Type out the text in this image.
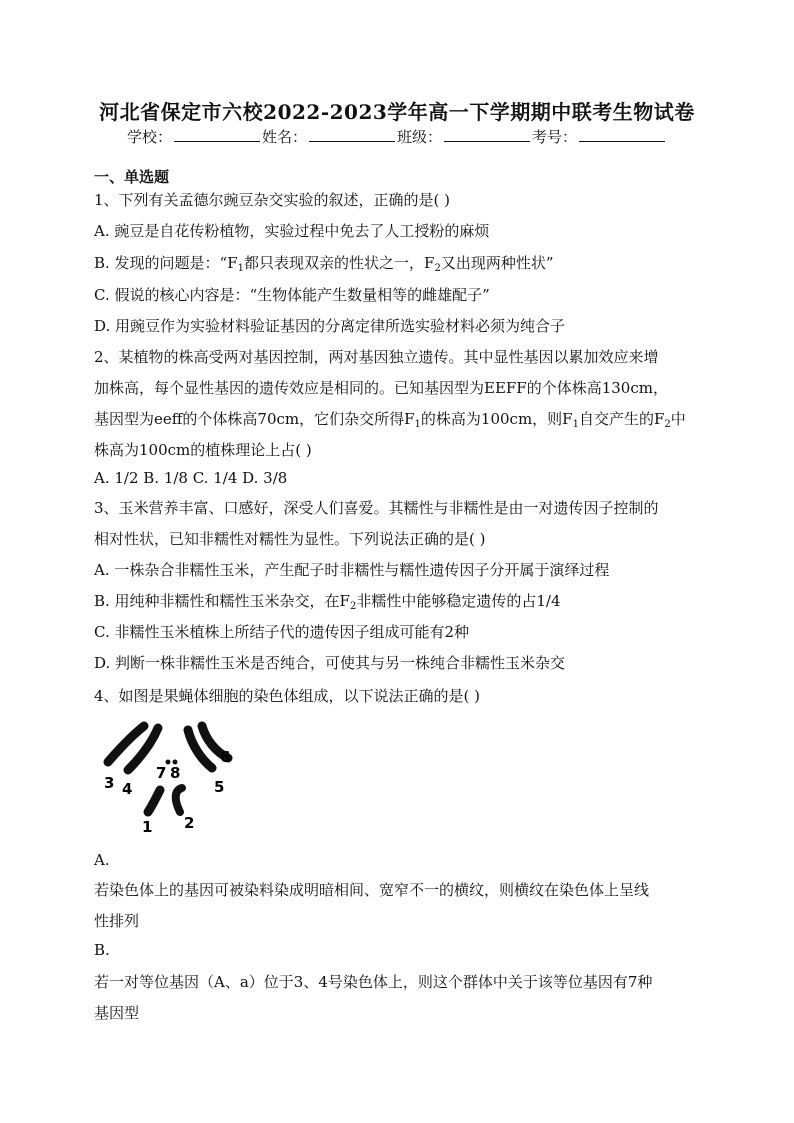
河北省保定市六校2022-2023学年高一下学期期中联考生物试卷
学校：	姓名：	班级：	考号：
一、单选题
1、下列有关孟德尔豌豆杂交实验的叙述，正确的是( )
A. 豌豆是自花传粉植物，实验过程中免去了人工授粉的麻烦
B. 发现的问题是：“$F_1$都只表现双亲的性状之一，$F_2$又出现两种性状”
C. 假说的核心内容是：“生物体能产生数量相等的雌雄配子”
D. 用豌豆作为实验材料验证基因的分离定律所选实验材料必须为纯合子
2、某植物的株高受两对基因控制，两对基因独立遗传。其中显性基因以累加效应来增
加株高，每个显性基因的遗传效应是相同的。已知基因型为EEFF的个体株高130cm，
基因型为eeff的个体株高70cm，它们杂交所得$F_1$的株高为100cm，则$F_1$自交产生的$F_2$中
株高为100cm的植株理论上占( )
A. 1/2 B. 1/8 C. 1/4 D. 3/8
3、玉米营养丰富、口感好，深受人们喜爱。其糯性与非糯性是由一对遗传因子控制的
相对性状，已知非糯性对糯性为显性。下列说法正确的是( )
A. 一株杂合非糯性玉米，产生配子时非糯性与糯性遗传因子分开属于演绎过程
B. 用纯种非糯性和糯性玉米杂交，在$F_2$非糯性中能够稳定遗传的占1/4
C. 非糯性玉米植株上所结子代的遗传因子组成可能有2种
D. 判断一株非糯性玉米是否纯合，可使其与另一株纯合非糯性玉米杂交
4、如图是果蝇体细胞的染色体组成，以下说法正确的是( )
3 4
7 8
6
5
1 2
A.
若染色体上的基因可被染料染成明暗相间、宽窄不一的横纹，则横纹在染色体上呈线
性排列
B.
若一对等位基因（A、a）位于3、4号染色体上，则这个群体中关于该等位基因有7种
基因型
